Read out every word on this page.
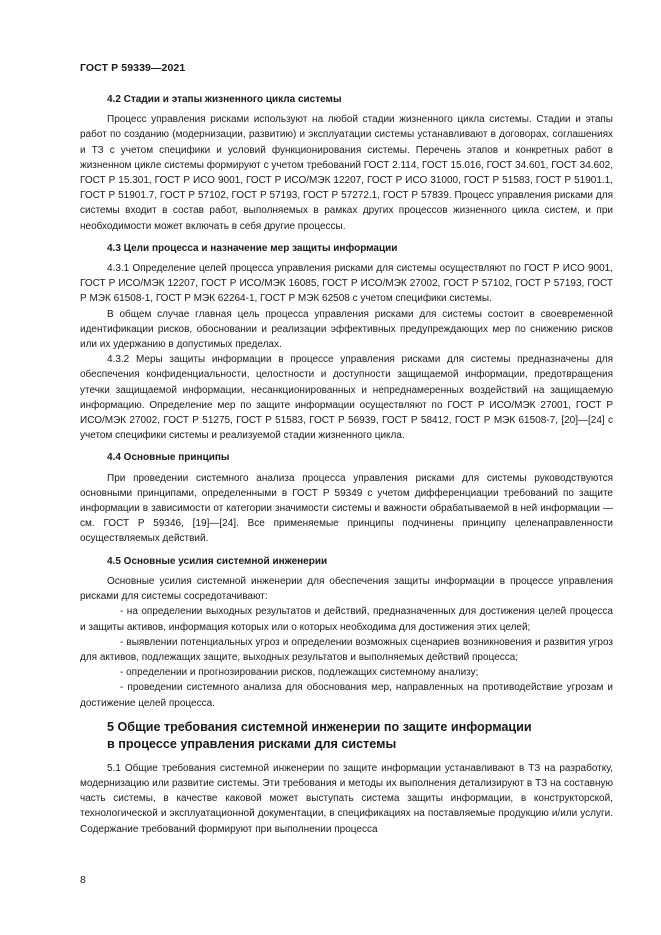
ГОСТ Р 59339—2021
4.2 Стадии и этапы жизненного цикла системы

Процесс управления рисками используют на любой стадии жизненного цикла системы. Стадии и этапы работ по созданию (модернизации, развитию) и эксплуатации системы устанавливают в договорах, соглашениях и ТЗ с учетом специфики и условий функционирования системы. Перечень этапов и конкретных работ в жизненном цикле системы формируют с учетом требований ГОСТ 2.114, ГОСТ 15.016, ГОСТ 34.601, ГОСТ 34.602, ГОСТ Р 15.301, ГОСТ Р ИСО 9001, ГОСТ Р ИСО/МЭК 12207, ГОСТ Р ИСО 31000, ГОСТ Р 51583, ГОСТ Р 51901.1, ГОСТ Р 51901.7, ГОСТ Р 57102, ГОСТ Р 57193, ГОСТ Р 57272.1, ГОСТ Р 57839. Процесс управления рисками для системы входит в состав работ, выполняемых в рамках других процессов жизненного цикла систем, и при необходимости может включать в себя другие процессы.

4.3 Цели процесса и назначение мер защиты информации

4.3.1 Определение целей процесса управления рисками для системы осуществляют по ГОСТ Р ИСО 9001, ГОСТ Р ИСО/МЭК 12207, ГОСТ Р ИСО/МЭК 16085, ГОСТ Р ИСО/МЭК 27002, ГОСТ Р 57102, ГОСТ Р 57193, ГОСТ Р МЭК 61508-1, ГОСТ Р МЭК 62264-1, ГОСТ Р МЭК 62508 с учетом специфики системы.

В общем случае главная цель процесса управления рисками для системы состоит в своевременной идентификации рисков, обосновании и реализации эффективных предупреждающих мер по снижению рисков или их удержанию в допустимых пределах.

4.3.2 Меры защиты информации в процессе управления рисками для системы предназначены для обеспечения конфиденциальности, целостности и доступности защищаемой информации, предотвращения утечки защищаемой информации, несанкционированных и непреднамеренных воздействий на защищаемую информацию. Определение мер по защите информации осуществляют по ГОСТ Р ИСО/МЭК 27001, ГОСТ Р ИСО/МЭК 27002, ГОСТ Р 51275, ГОСТ Р 51583, ГОСТ Р 56939, ГОСТ Р 58412, ГОСТ Р МЭК 61508-7, [20]—[24] с учетом специфики системы и реализуемой стадии жизненного цикла.

4.4 Основные принципы

При проведении системного анализа процесса управления рисками для системы руководствуются основными принципами, определенными в ГОСТ Р 59349 с учетом дифференциации требований по защите информации в зависимости от категории значимости системы и важности обрабатываемой в ней информации — см. ГОСТ Р 59346, [19]—[24]. Все применяемые принципы подчинены принципу целенаправленности осуществляемых действий.

4.5 Основные усилия системной инженерии

Основные усилия системной инженерии для обеспечения защиты информации в процессе управления рисками для системы сосредотачивают:

- на определении выходных результатов и действий, предназначенных для достижения целей процесса и защиты активов, информация которых или о которых необходима для достижения этих целей;

- выявлении потенциальных угроз и определении возможных сценариев возникновения и развития угроз для активов, подлежащих защите, выходных результатов и выполняемых действий процесса;

- определении и прогнозировании рисков, подлежащих системному анализу;

- проведении системного анализа для обоснования мер, направленных на противодействие угрозам и достижение целей процесса.

5 Общие требования системной инженерии по защите информации
в процессе управления рисками для системы

5.1 Общие требования системной инженерии по защите информации устанавливают в ТЗ на разработку, модернизацию или развитие системы. Эти требования и методы их выполнения детализируют в ТЗ на составную часть системы, в качестве каковой может выступать система защиты информации, в конструкторской, технологической и эксплуатационной документации, в спецификациях на поставляемые продукцию и/или услуги. Содержание требований формируют при выполнении процесса

8
